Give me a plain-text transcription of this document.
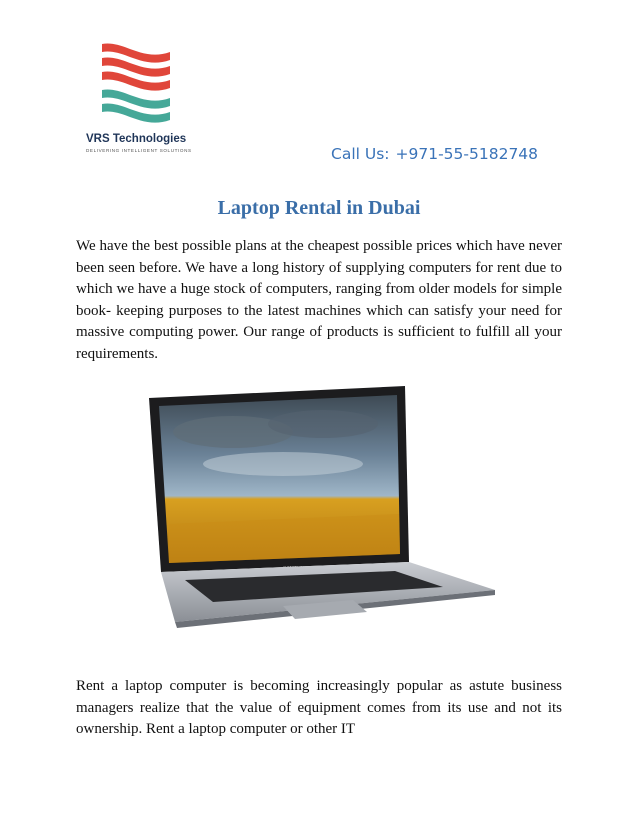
VRS Technologies
DELIVERING INTELLIGENT SOLUTIONS	Call Us: +971-55-5182748
Laptop Rental in Dubai

We have the best possible plans at the cheapest possible prices which have never been seen before. We have a long history of supplying computers for rent due to which we have a huge stock of computers, ranging from older models for simple book- keeping purposes to the latest machines which can satisfy your need for massive computing power. Our range of products is sufficient to fulfill all your requirements.

Rent a laptop computer is becoming increasingly popular as astute business managers realize that the value of equipment comes from its use and not its ownership. Rent a laptop computer or other IT
